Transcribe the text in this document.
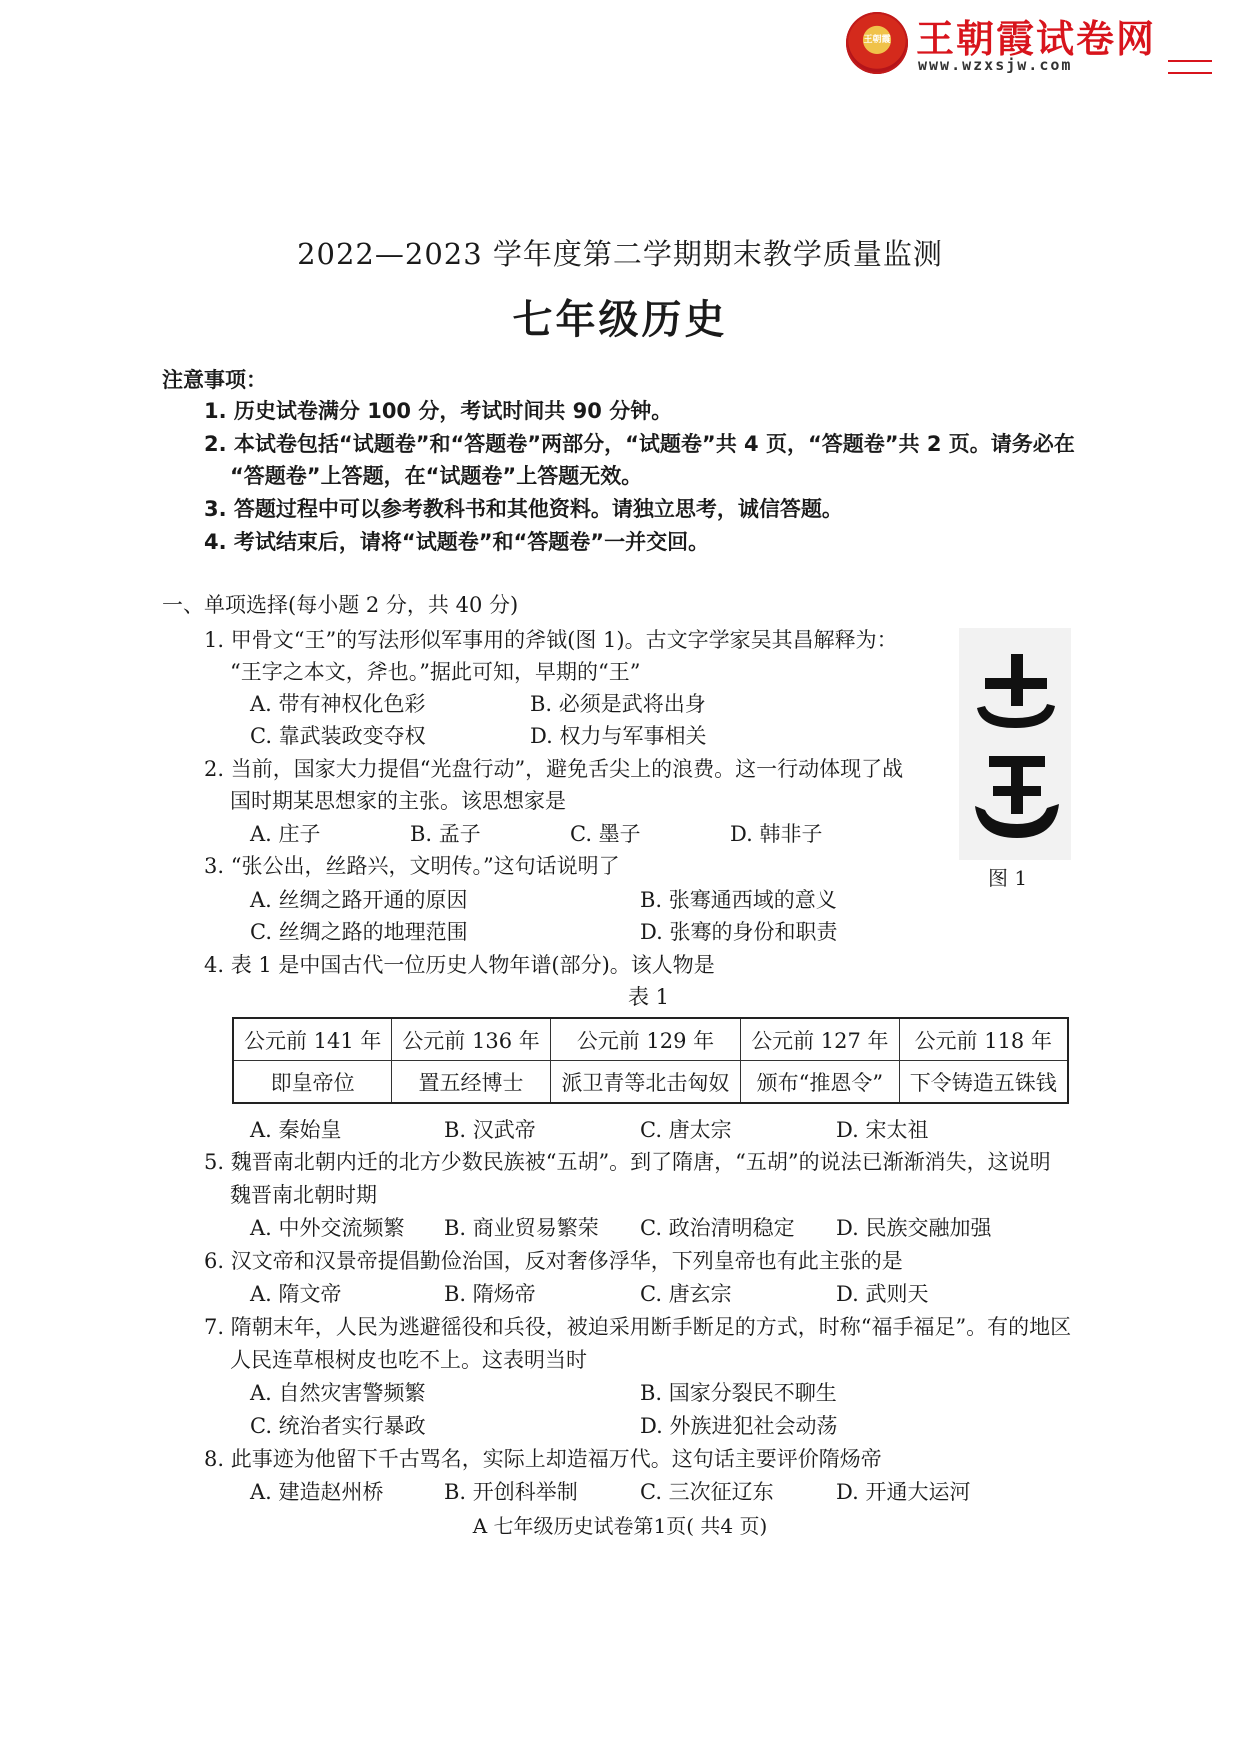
王朝霞 王朝霞试卷网
www.wzxsjw.com
2022—2023 学年度第二学期期末教学质量监测
七年级历史
注意事项：
1. 历史试卷满分 100 分，考试时间共 90 分钟。
2. 本试卷包括“试题卷”和“答题卷”两部分，“试题卷”共 4 页，“答题卷”共 2 页。请务必在
“答题卷”上答题，在“试题卷”上答题无效。
3. 答题过程中可以参考教科书和其他资料。请独立思考，诚信答题。
4. 考试结束后，请将“试题卷”和“答题卷”一并交回。
一、单项选择(每小题 2 分，共 40 分)
1. 甲骨文“王”的写法形似军事用的斧钺(图 1)。古文字学家吴其昌解释为：
“王字之本文，斧也。”据此可知，早期的“王”
A. 带有神权化色彩	B. 必须是武将出身
C. 靠武装政变夺权	D. 权力与军事相关
2. 当前，国家大力提倡“光盘行动”，避免舌尖上的浪费。这一行动体现了战
国时期某思想家的主张。该思想家是
A. 庄子	B. 孟子	C. 墨子	D. 韩非子
图 1
3. “张公出，丝路兴，文明传。”这句话说明了
A. 丝绸之路开通的原因	B. 张骞通西域的意义
C. 丝绸之路的地理范围	D. 张骞的身份和职责
4. 表 1 是中国古代一位历史人物年谱(部分)。该人物是
表 1
公元前 141 年	公元前 136 年	公元前 129 年	公元前 127 年	公元前 118 年
即皇帝位	置五经博士	派卫青等北击匈奴	颁布“推恩令”	下令铸造五铢钱
A. 秦始皇	B. 汉武帝	C. 唐太宗	D. 宋太祖
5. 魏晋南北朝内迁的北方少数民族被“五胡”。到了隋唐，“五胡”的说法已渐渐消失，这说明
魏晋南北朝时期
A. 中外交流频繁 B. 商业贸易繁荣 C. 政治清明稳定 D. 民族交融加强
6. 汉文帝和汉景帝提倡勤俭治国，反对奢侈浮华，下列皇帝也有此主张的是
A. 隋文帝	B. 隋炀帝	C. 唐玄宗	D. 武则天
7. 隋朝末年，人民为逃避徭役和兵役，被迫采用断手断足的方式，时称“福手福足”。有的地区
人民连草根树皮也吃不上。这表明当时
A. 自然灾害警频繁	B. 国家分裂民不聊生
C. 统治者实行暴政	D. 外族进犯社会动荡
8. 此事迹为他留下千古骂名，实际上却造福万代。这句话主要评价隋炀帝
A. 建造赵州桥	B. 开创科举制	C. 三次征辽东	D. 开通大运河
A 七年级历史试卷第1页( 共4 页)
